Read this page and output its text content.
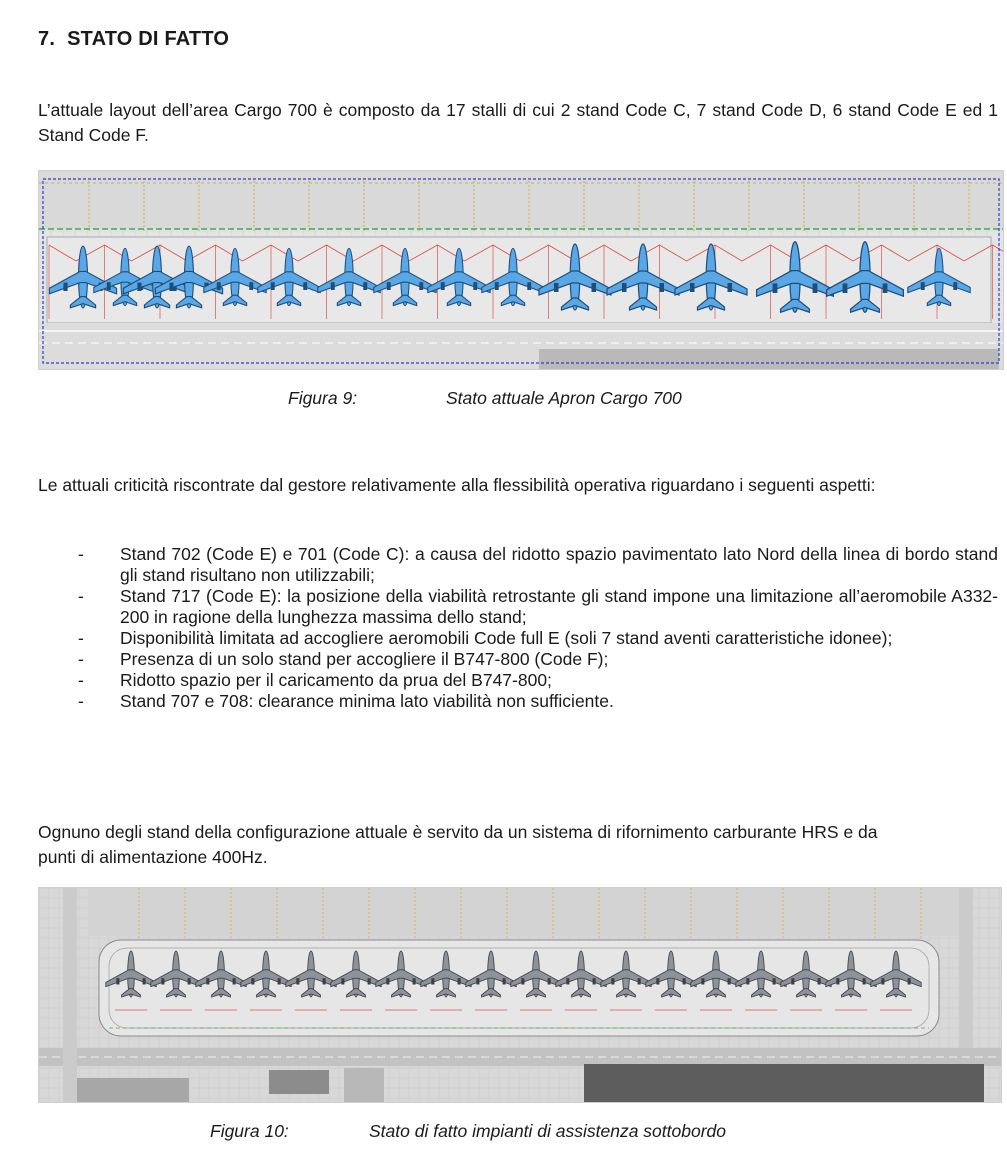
7. STATO DI FATTO
L’attuale layout dell’area Cargo 700 è composto da 17 stalli di cui 2 stand Code C, 7 stand Code D, 6 stand Code E ed 1 Stand Code F.
Figura 9:	Stato attuale Apron Cargo 700
Le attuali criticità riscontrate dal gestore relativamente alla flessibilità operativa riguardano i seguenti aspetti:
- Stand 702 (Code E) e 701 (Code C): a causa del ridotto spazio pavimentato lato Nord della linea di bordo stand gli stand risultano non utilizzabili;
- Stand 717 (Code E): la posizione della viabilità retrostante gli stand impone una limitazione all’aeromobile A332-200 in ragione della lunghezza massima dello stand;
- Disponibilità limitata ad accogliere aeromobili Code full E (soli 7 stand aventi caratteristiche idonee);
- Presenza di un solo stand per accogliere il B747-800 (Code F);
- Ridotto spazio per il caricamento da prua del B747-800;
- Stand 707 e 708: clearance minima lato viabilità non sufficiente.
Ognuno degli stand della configurazione attuale è servito da un sistema di rifornimento carburante HRS e da punti di alimentazione 400Hz.
Figura 10:	Stato di fatto impianti di assistenza sottobordo
